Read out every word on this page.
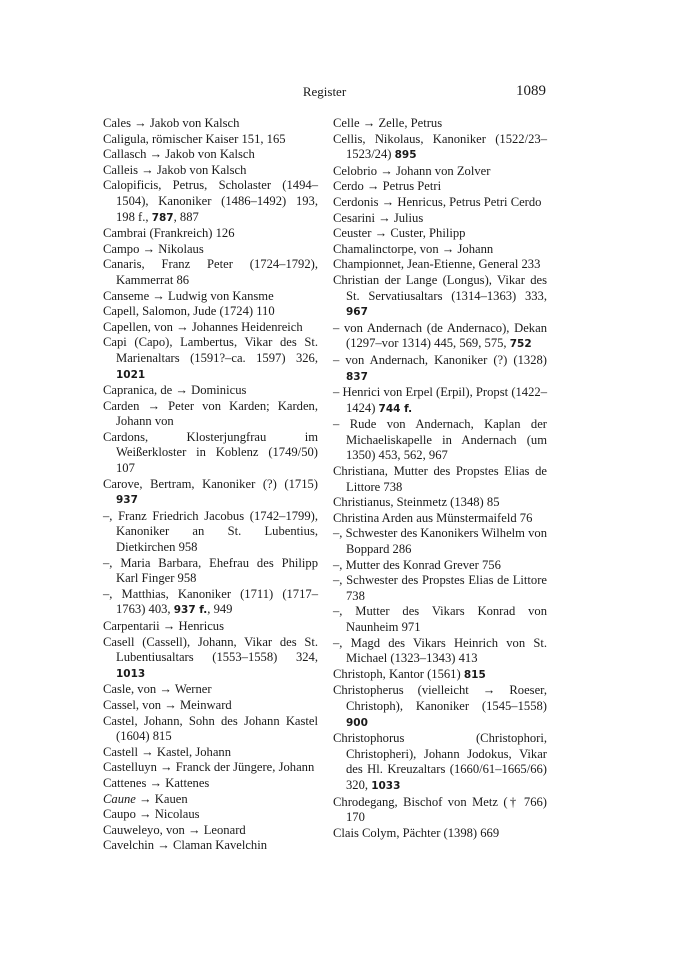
Register	1089

Cales → Jakob von Kalsch

Caligula, römischer Kaiser 151, 165

Callasch → Jakob von Kalsch

Calleis → Jakob von Kalsch

Calopificis, Petrus, Scholaster (1494–1504), Kanoniker (1486–1492) 193, 198 f., 787, 887

Cambrai (Frankreich) 126

Campo → Nikolaus

Canaris, Franz Peter (1724–1792), Kammerrat 86

Canseme → Ludwig von Kansme

Capell, Salomon, Jude (1724) 110

Capellen, von → Johannes Heidenreich

Capi (Capo), Lambertus, Vikar des St. Marienaltars (1591?–ca. 1597) 326, 1021

Capranica, de → Dominicus

Carden → Peter von Karden; Karden, Johann von

Cardons, Klosterjungfrau im Weißerkloster in Koblenz (1749/50) 107

Carove, Bertram, Kanoniker (?) (1715) 937

–, Franz Friedrich Jacobus (1742–1799), Kanoniker an St. Lubentius, Dietkirchen 958

–, Maria Barbara, Ehefrau des Philipp Karl Finger 958

–, Matthias, Kanoniker (1711) (1717–1763) 403, 937 f., 949

Carpentarii → Henricus

Casell (Cassell), Johann, Vikar des St. Lubentiusaltars (1553–1558) 324, 1013

Casle, von → Werner

Cassel, von → Meinward

Castel, Johann, Sohn des Johann Kastel (1604) 815

Castell → Kastel, Johann

Castelluyn → Franck der Jüngere, Johann

Cattenes → Kattenes

Caune → Kauen

Caupo → Nicolaus

Cauweleyo, von → Leonard

Cavelchin → Claman Kavelchin

Celle → Zelle, Petrus

Cellis, Nikolaus, Kanoniker (1522/23–1523/24) 895

Celobrio → Johann von Zolver

Cerdo → Petrus Petri

Cerdonis → Henricus, Petrus Petri Cerdo

Cesarini → Julius

Ceuster → Custer, Philipp

Chamalinctorpe, von → Johann

Championnet, Jean-Etienne, General 233

Christian der Lange (Longus), Vikar des St. Servatiusaltars (1314–1363) 333, 967

– von Andernach (de Andernaco), Dekan (1297–vor 1314) 445, 569, 575, 752

– von Andernach, Kanoniker (?) (1328) 837

– Henrici von Erpel (Erpil), Propst (1422–1424) 744 f.

– Rude von Andernach, Kaplan der Michaeliskapelle in Andernach (um 1350) 453, 562, 967

Christiana, Mutter des Propstes Elias de Littore 738

Christianus, Steinmetz (1348) 85

Christina Arden aus Münstermaifeld 76

–, Schwester des Kanonikers Wilhelm von Boppard 286

–, Mutter des Konrad Grever 756

–, Schwester des Propstes Elias de Littore 738

–, Mutter des Vikars Konrad von Naunheim 971

–, Magd des Vikars Heinrich von St. Michael (1323–1343) 413

Christoph, Kantor (1561) 815

Christopherus (vielleicht → Roeser, Christoph), Kanoniker (1545–1558) 900

Christophorus (Christophori, Christopheri), Johann Jodokus, Vikar des Hl. Kreuzaltars (1660/61–1665/66) 320, 1033

Chrodegang, Bischof von Metz († 766) 170

Clais Colym, Pächter (1398) 669
